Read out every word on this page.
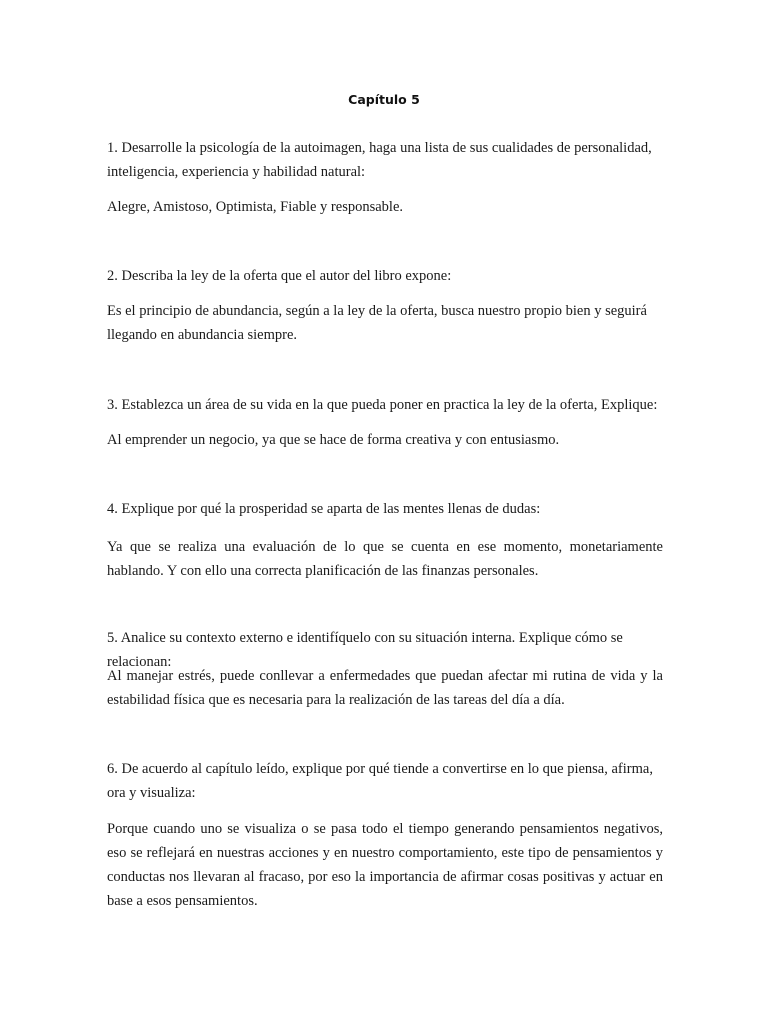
Capítulo 5
1. Desarrolle la psicología de la autoimagen, haga una lista de sus cualidades de personalidad, inteligencia, experiencia y habilidad natural:
Alegre, Amistoso, Optimista, Fiable y responsable.
2. Describa la ley de la oferta que el autor del libro expone:
Es el principio de abundancia, según a la ley de la oferta, busca nuestro propio bien y seguirá llegando en abundancia siempre.
3. Establezca un área de su vida en la que pueda poner en practica la ley de la oferta, Explique:
Al emprender un negocio, ya que se hace de forma creativa y con entusiasmo.
4. Explique por qué la prosperidad se aparta de las mentes llenas de dudas:
Ya que se realiza una evaluación de lo que se cuenta en ese momento, monetariamente hablando. Y con ello una correcta planificación de las finanzas personales.
5. Analice su contexto externo e identifíquelo con su situación interna. Explique cómo se relacionan:
Al manejar estrés, puede conllevar a enfermedades que puedan afectar mi rutina de vida y la estabilidad física que es necesaria para la realización de las tareas del día a día.
6. De acuerdo al capítulo leído, explique por qué tiende a convertirse en lo que piensa, afirma, ora y visualiza:
Porque cuando uno se visualiza o se pasa todo el tiempo generando pensamientos negativos, eso se reflejará en nuestras acciones y en nuestro comportamiento, este tipo de pensamientos y conductas nos llevaran al fracaso, por eso la importancia de afirmar cosas positivas y actuar en base a esos pensamientos.
